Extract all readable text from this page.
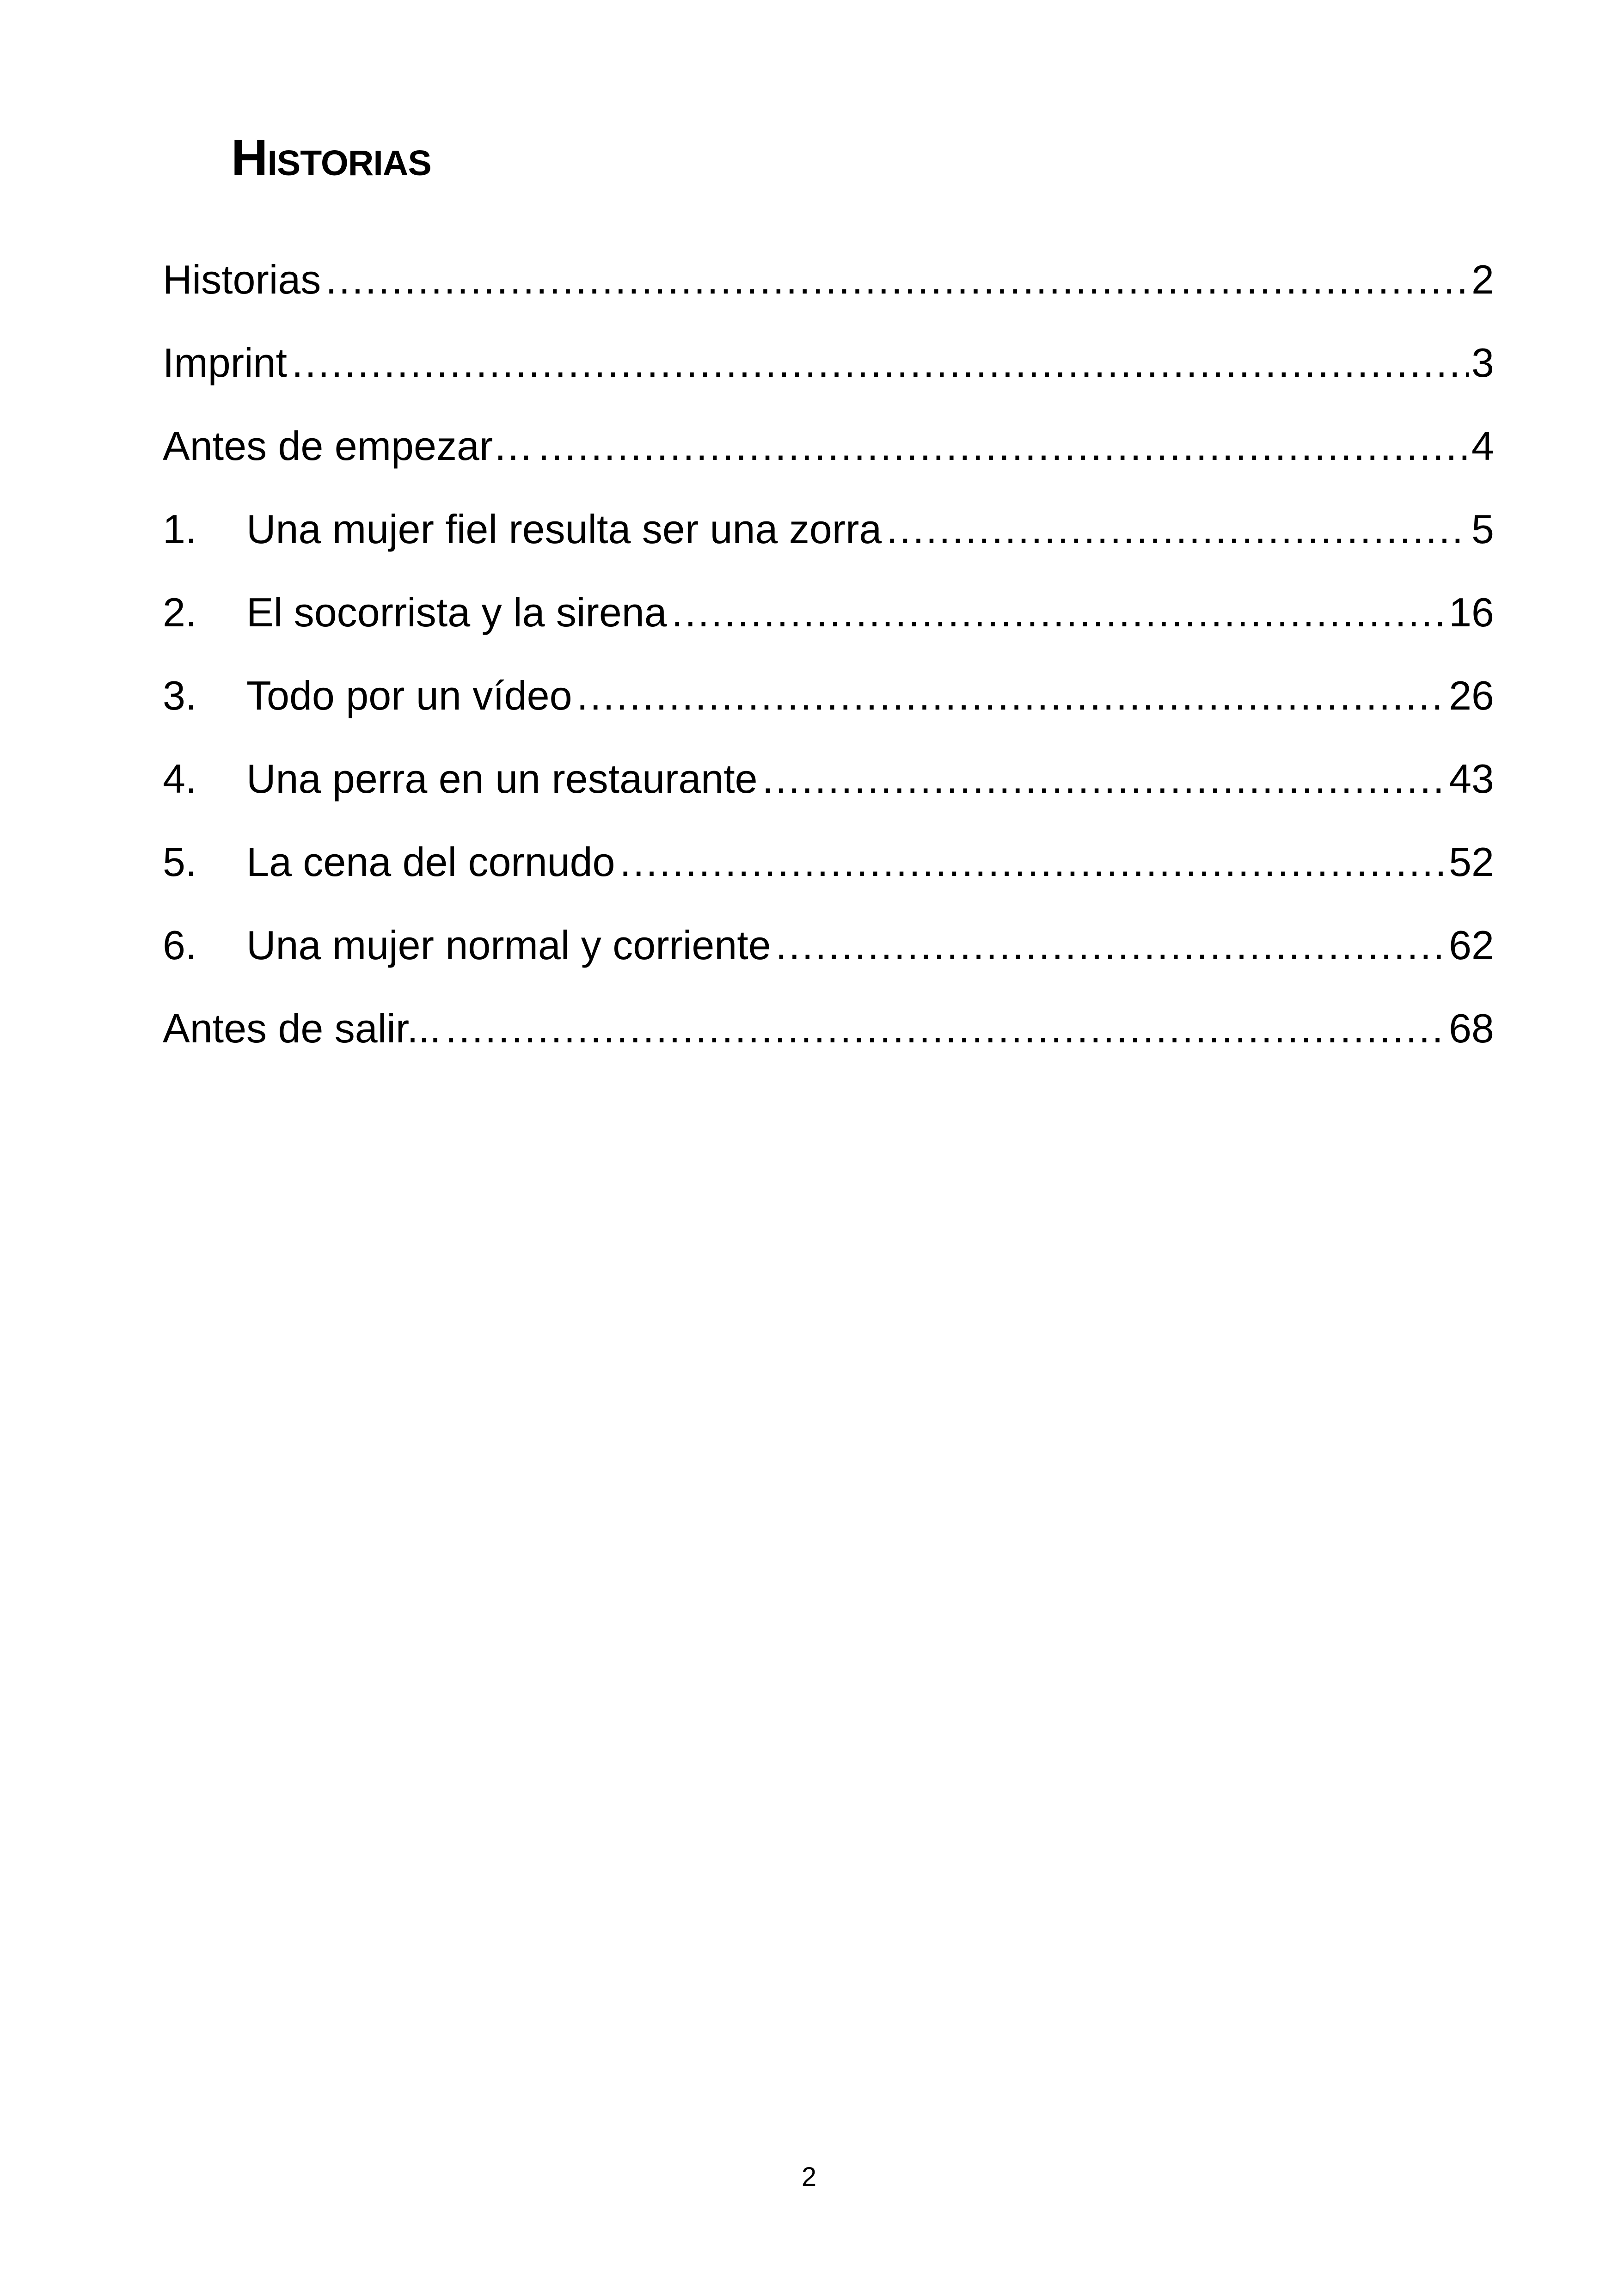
Historias
Historias .....	2
Imprint .....	3
Antes de empezar… .....	4
1.	Una mujer fiel resulta ser una zorra .....	5
2.	El socorrista y la sirena .....	16
3.	Todo por un vídeo .....	26
4.	Una perra en un restaurante .....	43
5.	La cena del cornudo .....	52
6.	Una mujer normal y corriente .....	62
Antes de salir... .....	68
2
